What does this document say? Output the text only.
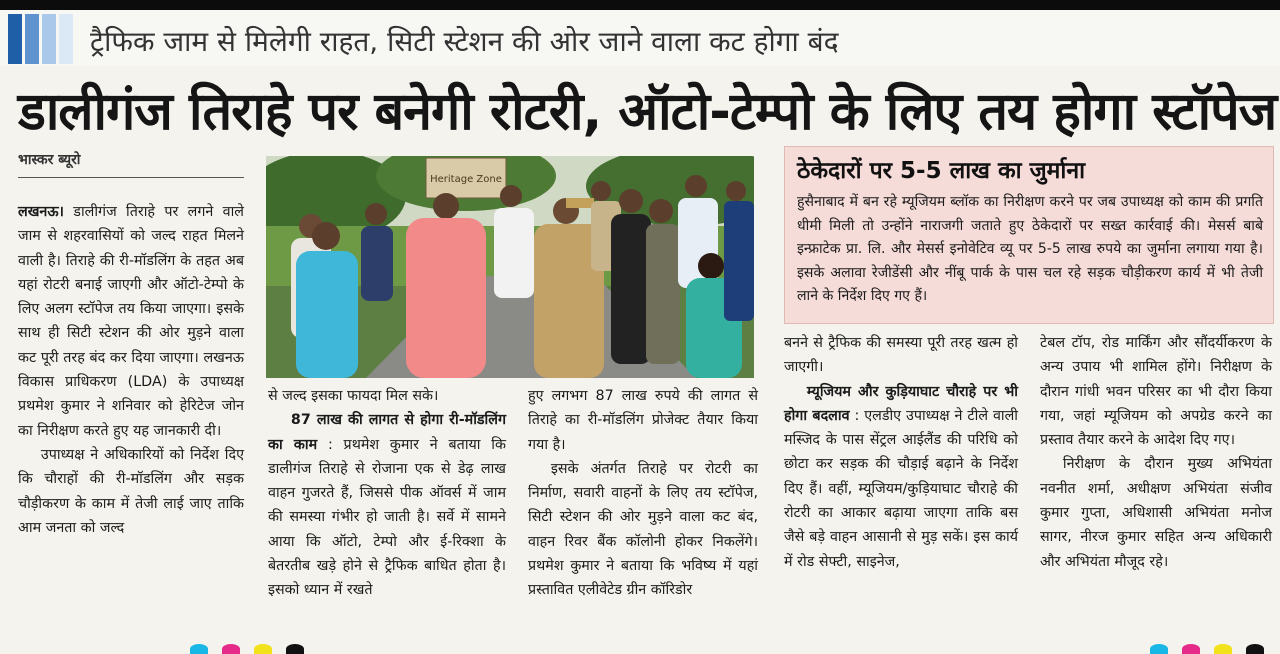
ट्रैफिक जाम से मिलेगी राहत, सिटी स्टेशन की ओर जाने वाला कट होगा बंद
डालीगंज तिराहे पर बनेगी रोटरी, ऑटो-टेम्पो के लिए तय होगा स्टॉपेज
भास्कर ब्यूरो

लखनऊ। डालीगंज तिराहे पर लगने वाले जाम से शहरवासियों को जल्द राहत मिलने वाली है। तिराहे की री-मॉडलिंग के तहत अब यहां रोटरी बनाई जाएगी और ऑटो-टेम्पो के लिए अलग स्टॉपेज तय किया जाएगा। इसके साथ ही सिटी स्टेशन की ओर मुड़ने वाला कट पूरी तरह बंद कर दिया जाएगा। लखनऊ विकास प्राधिकरण (LDA) के उपाध्यक्ष प्रथमेश कुमार ने शनिवार को हेरिटेज जोन का निरीक्षण करते हुए यह जानकारी दी।

उपाध्यक्ष ने अधिकारियों को निर्देश दिए कि चौराहों की री-मॉडलिंग और सड़क चौड़ीकरण के काम में तेजी लाई जाए ताकि आम जनता को जल्द

Heritage Zone

से जल्द इसका फायदा मिल सके।

87 लाख की लागत से होगा री-मॉडलिंग का काम : प्रथमेश कुमार ने बताया कि डालीगंज तिराहे से रोजाना एक से डेढ़ लाख वाहन गुजरते हैं, जिससे पीक ऑवर्स में जाम की समस्या गंभीर हो जाती है। सर्वे में सामने आया कि ऑटो, टेम्पो और ई-रिक्शा के बेतरतीब खड़े होने से ट्रैफिक बाधित होता है। इसको ध्यान में रखते

हुए लगभग 87 लाख रुपये की लागत से तिराहे का री-मॉडलिंग प्रोजेक्ट तैयार किया गया है।

इसके अंतर्गत तिराहे पर रोटरी का निर्माण, सवारी वाहनों के लिए तय स्टॉपेज, सिटी स्टेशन की ओर मुड़ने वाला कट बंद, वाहन रिवर बैंक कॉलोनी होकर निकलेंगे। प्रथमेश कुमार ने बताया कि भविष्य में यहां प्रस्तावित एलीवेटेड ग्रीन कॉरिडोर

ठेकेदारों पर 5-5 लाख का जुर्माना
हुसैनाबाद में बन रहे म्यूजियम ब्लॉक का निरीक्षण करने पर जब उपाध्यक्ष को काम की प्रगति धीमी मिली तो उन्होंने नाराजगी जताते हुए ठेकेदारों पर सख्त कार्रवाई की। मेसर्स बाबे इन्फ्राटेक प्रा. लि. और मेसर्स इनोवेटिव व्यू पर 5-5 लाख रुपये का जुर्माना लगाया गया है। इसके अलावा रेजीडेंसी और नींबू पार्क के पास चल रहे सड़क चौड़ीकरण कार्य में भी तेजी लाने के निर्देश दिए गए हैं।

बनने से ट्रैफिक की समस्या पूरी तरह खत्म हो जाएगी।

म्यूजियम और कुड़ियाघाट चौराहे पर भी होगा बदलाव : एलडीए उपाध्यक्ष ने टीले वाली मस्जिद के पास सेंट्रल आईलैंड की परिधि को छोटा कर सड़क की चौड़ाई बढ़ाने के निर्देश दिए हैं। वहीं, म्यूजियम/कुड़ियाघाट चौराहे की रोटरी का आकार बढ़ाया जाएगा ताकि बस जैसे बड़े वाहन आसानी से मुड़ सकें। इस कार्य में रोड सेफ्टी, साइनेज,

टेबल टॉप, रोड मार्किंग और सौंदर्यीकरण के अन्य उपाय भी शामिल होंगे। निरीक्षण के दौरान गांधी भवन परिसर का भी दौरा किया गया, जहां म्यूजियम को अपग्रेड करने का प्रस्ताव तैयार करने के आदेश दिए गए।

निरीक्षण के दौरान मुख्य अभियंता नवनीत शर्मा, अधीक्षण अभियंता संजीव कुमार गुप्ता, अधिशासी अभियंता मनोज सागर, नीरज कुमार सहित अन्य अधिकारी और अभियंता मौजूद रहे।
